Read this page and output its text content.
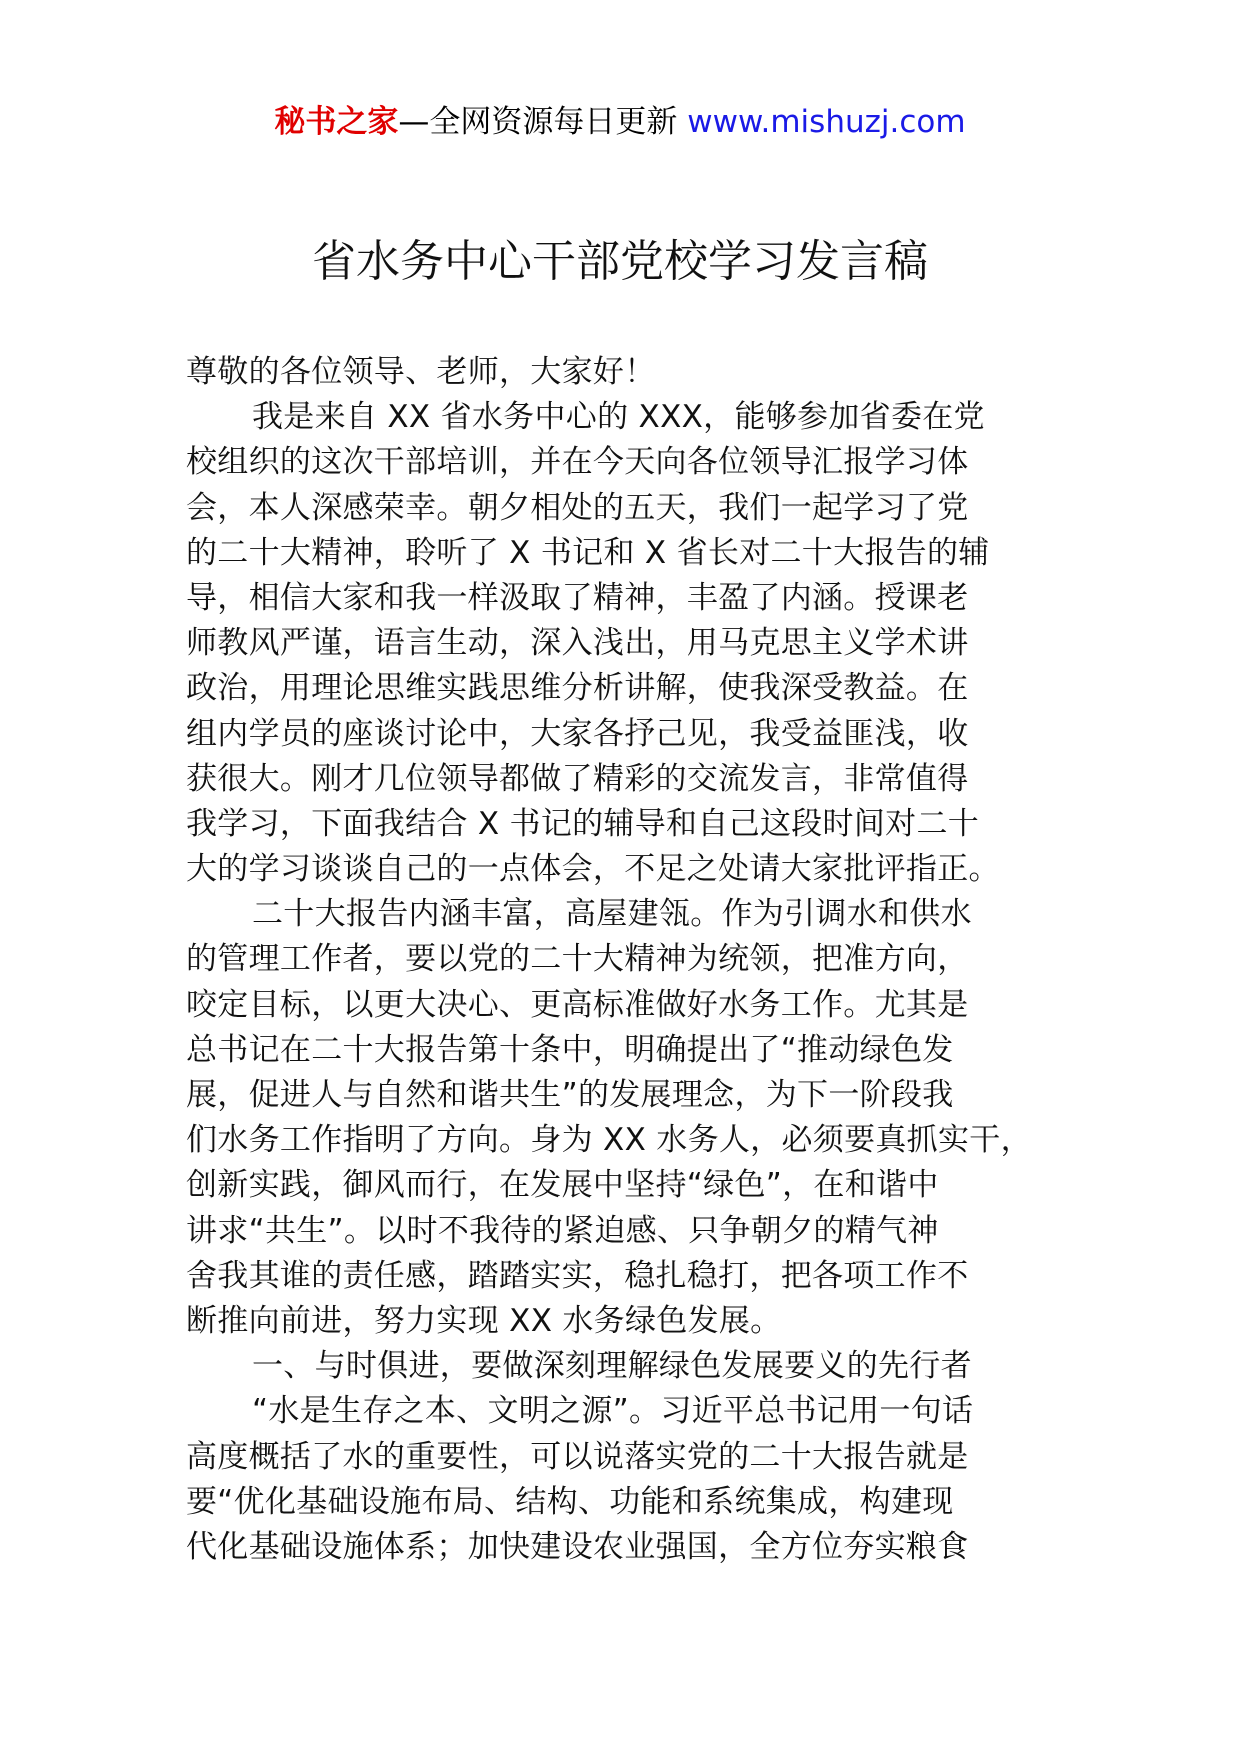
秘书之家—全网资源每日更新 www.mishuzj.com
省水务中心干部党校学习发言稿
尊敬的各位领导、老师，大家好！
我是来自 XX 省水务中心的 XXX，能够参加省委在党
校组织的这次干部培训，并在今天向各位领导汇报学习体
会，本人深感荣幸。朝夕相处的五天，我们一起学习了党
的二十大精神，聆听了 X 书记和 X 省长对二十大报告的辅
导，相信大家和我一样汲取了精神，丰盈了内涵。授课老
师教风严谨，语言生动，深入浅出，用马克思主义学术讲
政治，用理论思维实践思维分析讲解，使我深受教益。在
组内学员的座谈讨论中，大家各抒己见，我受益匪浅，收
获很大。刚才几位领导都做了精彩的交流发言，非常值得
我学习，下面我结合 X 书记的辅导和自己这段时间对二十
大的学习谈谈自己的一点体会，不足之处请大家批评指正。
二十大报告内涵丰富，高屋建瓴。作为引调水和供水
的管理工作者，要以党的二十大精神为统领，把准方向，
咬定目标，以更大决心、更高标准做好水务工作。尤其是
总书记在二十大报告第十条中，明确提出了“推动绿色发
展，促进人与自然和谐共生”的发展理念，为下一阶段我
们水务工作指明了方向。身为 XX 水务人，必须要真抓实干，
创新实践，御风而行，在发展中坚持“绿色”，在和谐中
讲求“共生”。以时不我待的紧迫感、只争朝夕的精气神
舍我其谁的责任感，踏踏实实，稳扎稳打，把各项工作不
断推向前进，努力实现 XX 水务绿色发展。
一、与时俱进，要做深刻理解绿色发展要义的先行者
“水是生存之本、文明之源”。习近平总书记用一句话
高度概括了水的重要性，可以说落实党的二十大报告就是
要“优化基础设施布局、结构、功能和系统集成，构建现
代化基础设施体系；加快建设农业强国，全方位夯实粮食
